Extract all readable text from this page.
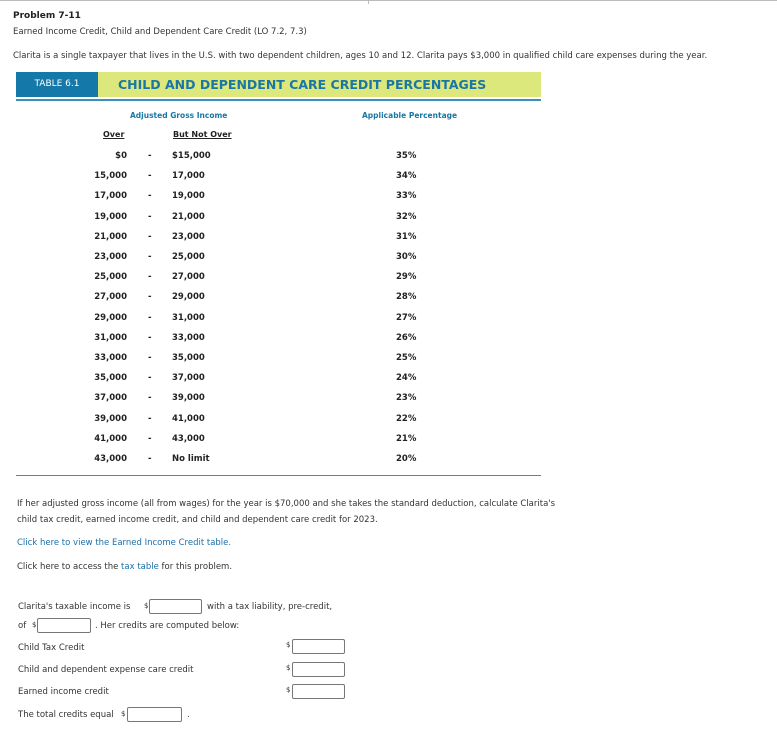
Problem 7-11
Earned Income Credit, Child and Dependent Care Credit (LO 7.2, 7.3)
Clarita is a single taxpayer that lives in the U.S. with two dependent children, ages 10 and 12. Clarita pays $3,000 in qualified child care expenses during the year.
TABLE 6.1	CHILD AND DEPENDENT CARE CREDIT PERCENTAGES
Adjusted Gross Income	Applicable Percentage
Over	But Not Over
$0 - $15,000	35%
15,000 - 17,000	34%
17,000 - 19,000	33%
19,000 - 21,000	32%
21,000 - 23,000	31%
23,000 - 25,000	30%
25,000 - 27,000	29%
27,000 - 29,000	28%
29,000 - 31,000	27%
31,000 - 33,000	26%
33,000 - 35,000	25%
35,000 - 37,000	24%
37,000 - 39,000	23%
39,000 - 41,000	22%
41,000 - 43,000	21%
43,000 - No limit	20%
If her adjusted gross income (all from wages) for the year is $70,000 and she takes the standard deduction, calculate Clarita's
child tax credit, earned income credit, and child and dependent care credit for 2023.
Click here to view the Earned Income Credit table.
Click here to access the tax table for this problem.
Clarita's taxable income is $	with a tax liability, pre-credit,
of $	. Her credits are computed below:
Child Tax Credit	$
Child and dependent expense care credit	$
Earned income credit	$
The total credits equal $	.
